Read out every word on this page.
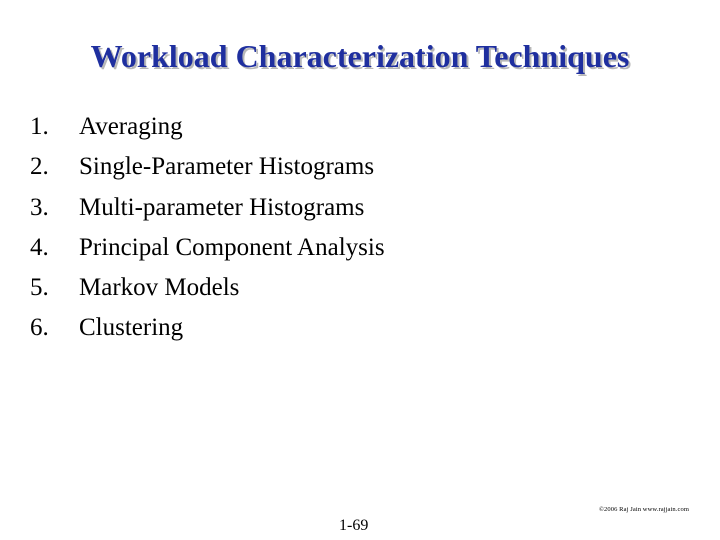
Workload Characterization Techniques
1.	Averaging
2.	Single-Parameter Histograms
3.	Multi-parameter Histograms
4.	Principal Component Analysis
5.	Markov Models
6.	Clustering
©2006 Raj Jain www.rajjain.com
1-69
